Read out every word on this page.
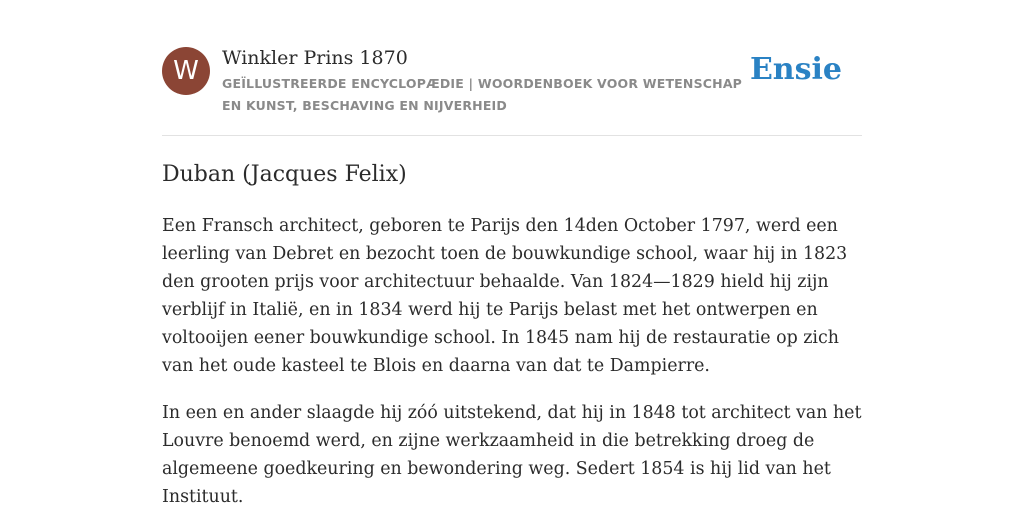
W	Winkler Prins 1870
GEÏLLUSTREERDE ENCYCLOPÆDIE | WOORDENBOEK VOOR WETENSCHAP EN KUNST, BESCHAVING EN NIJVERHEID
Ensie
Duban (Jacques Felix)

Een Fransch architect, geboren te Parijs den 14den October 1797, werd een leerling van Debret en bezocht toen de bouwkundige school, waar hij in 1823 den grooten prijs voor architectuur behaalde. Van 1824—1829 hield hij zijn verblijf in Italië, en in 1834 werd hij te Parijs belast met het ontwerpen en voltooijen eener bouwkundige school. In 1845 nam hij de restauratie op zich van het oude kasteel te Blois en daarna van dat te Dampierre.

In een en ander slaagde hij zóó uitstekend, dat hij in 1848 tot architect van het Louvre benoemd werd, en zijne werkzaamheid in die betrekking droeg de algemeene goedkeuring en bewondering weg. Sedert 1854 is hij lid van het Instituut.
